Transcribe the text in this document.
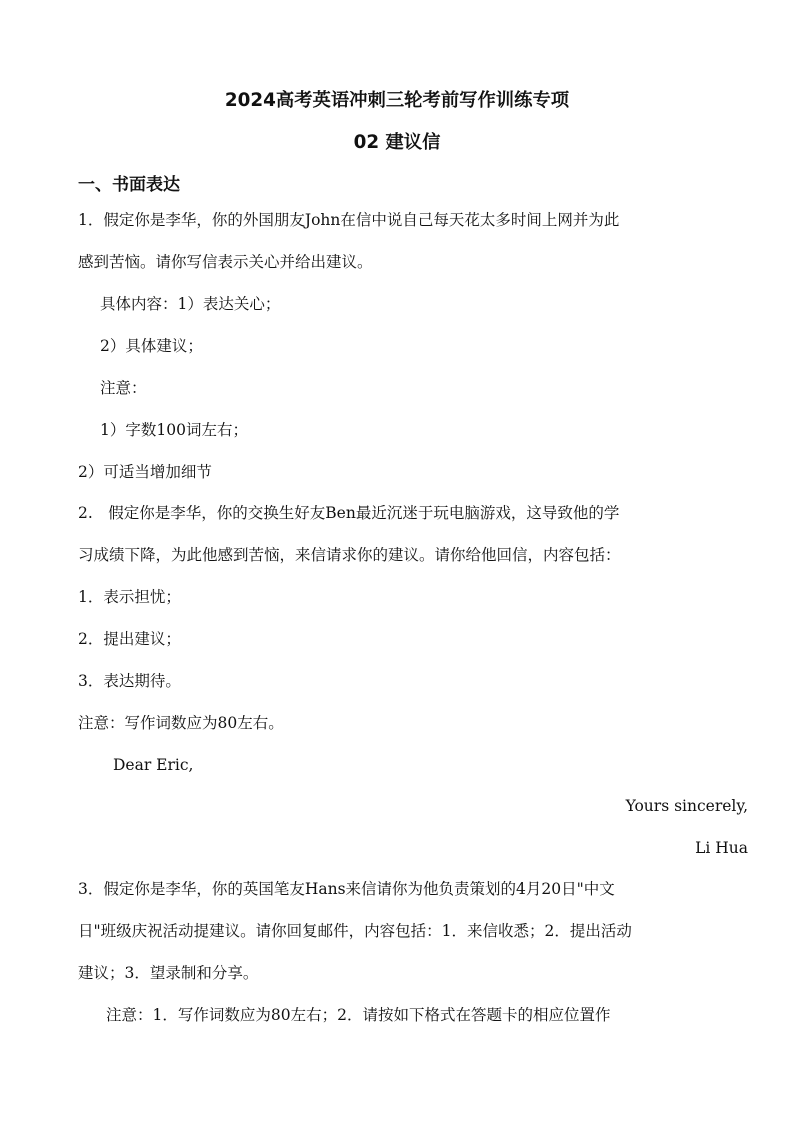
2024高考英语冲刺三轮考前写作训练专项
02 建议信
一、书面表达
1．假定你是李华，你的外国朋友John在信中说自己每天花太多时间上网并为此
感到苦恼。请你写信表示关心并给出建议。
具体内容：1）表达关心；
2）具体建议；
注意：
1）字数100词左右；
2）可适当增加细节
2.　假定你是李华，你的交换生好友Ben最近沉迷于玩电脑游戏，这导致他的学
习成绩下降，为此他感到苦恼，来信请求你的建议。请你给他回信，内容包括：
1．表示担忧；
2．提出建议；
3．表达期待。
注意：写作词数应为80左右。
Dear Eric,
Yours sincerely,
Li Hua
3．假定你是李华，你的英国笔友Hans来信请你为他负责策划的4月20日"中文
日"班级庆祝活动提建议。请你回复邮件，内容包括：1．来信收悉；2．提出活动
建议；3．望录制和分享。
注意：1．写作词数应为80左右；2．请按如下格式在答题卡的相应位置作
